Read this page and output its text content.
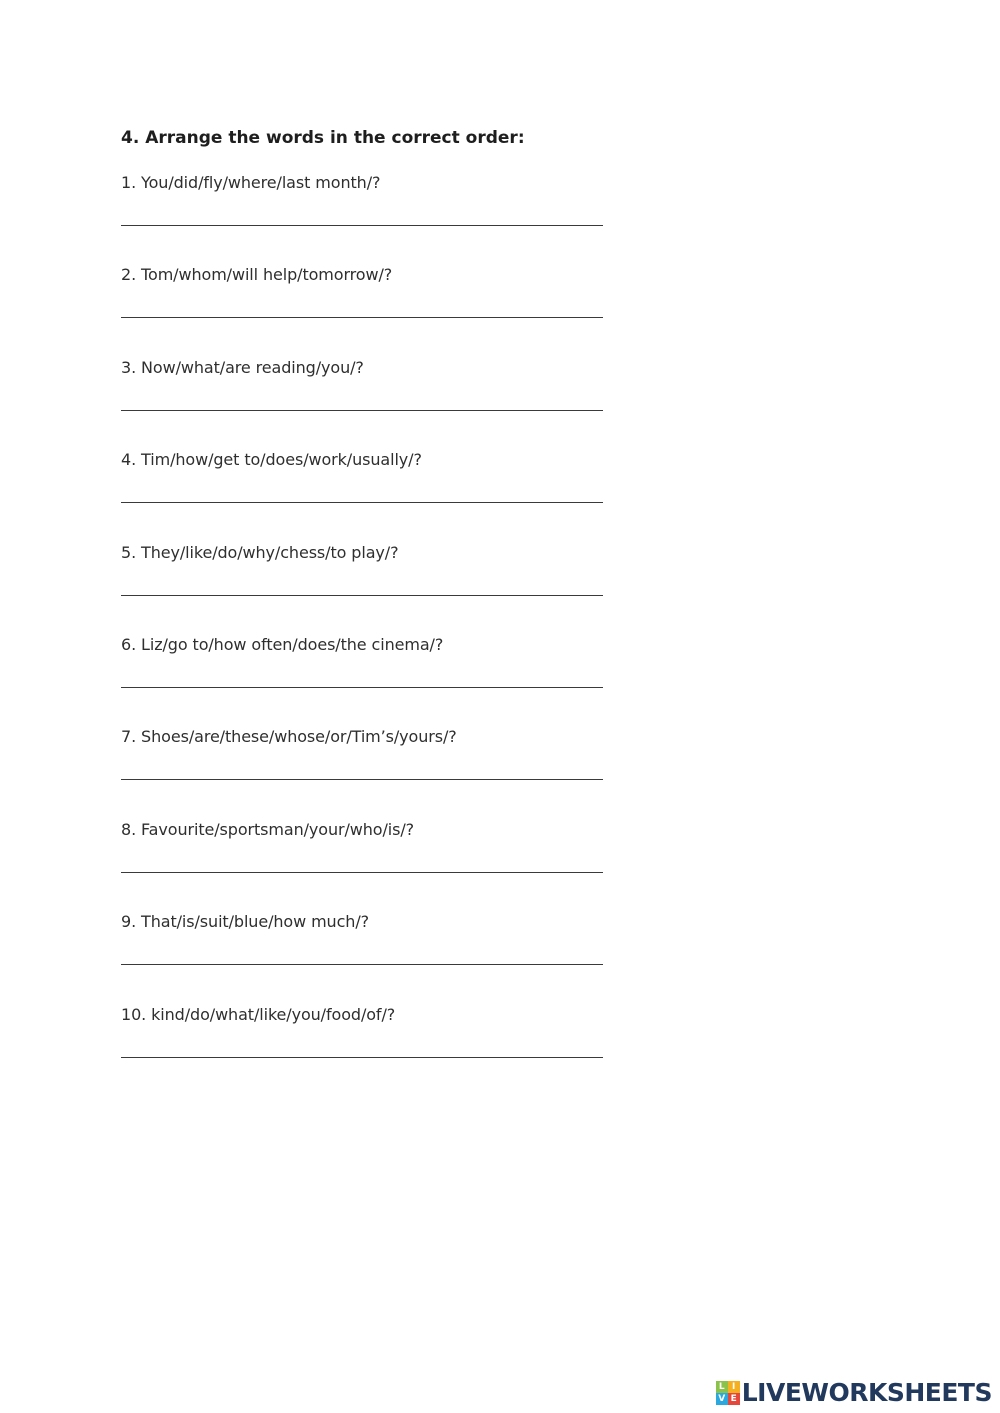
4. Arrange the words in the correct order:

1. You/did/fly/where/last month/?
2. Tom/whom/will help/tomorrow/?
3. Now/what/are reading/you/?
4. Tim/how/get to/does/work/usually/?
5. They/like/do/why/chess/to play/?
6. Liz/go to/how often/does/the cinema/?
7. Shoes/are/these/whose/or/Tim’s/yours/?
8. Favourite/sportsman/your/who/is/?
9. That/is/suit/blue/how much/?
10. kind/do/what/like/you/food/of/?
L I
V E LIVEWORKSHEETS
